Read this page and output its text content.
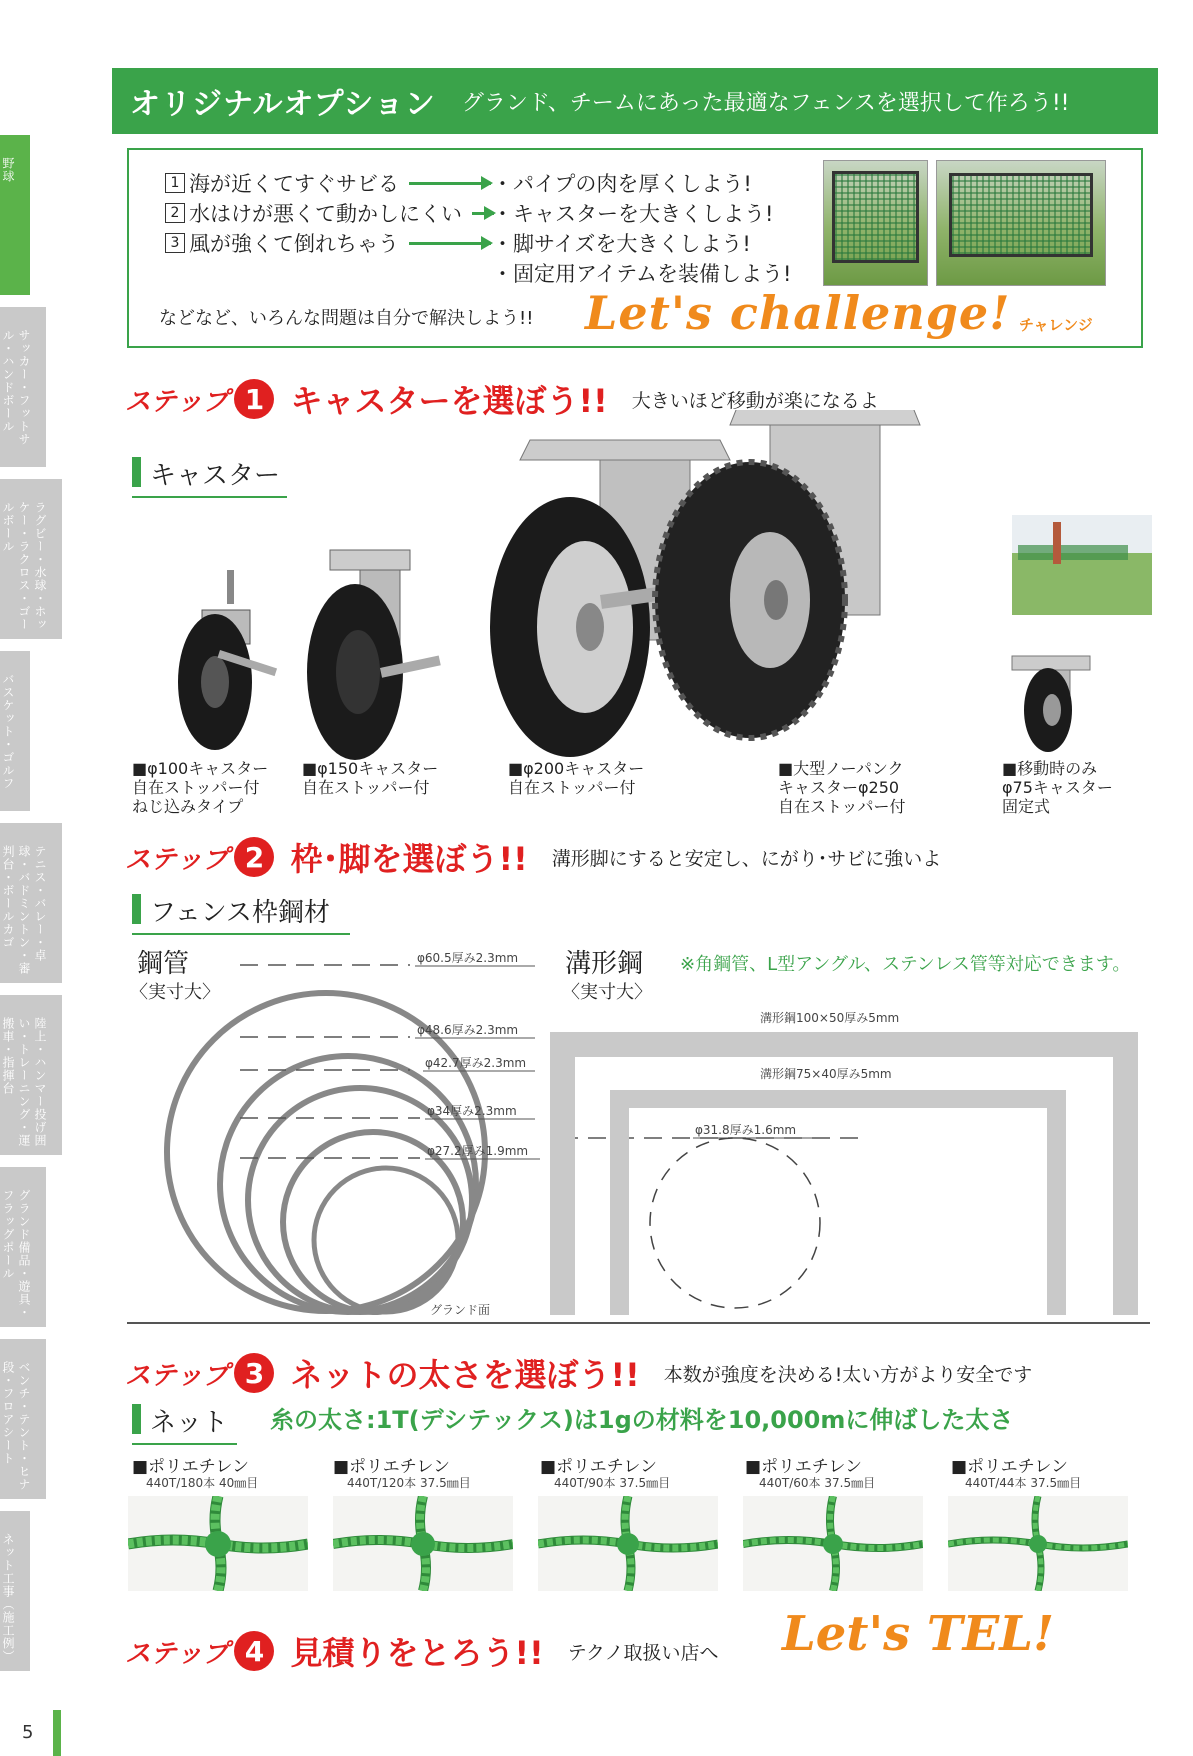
野球
サッカー・フットサル・ハンドボール
ラグビー・水球・ホッケー・ラクロス・ゴールボール
バスケット・ゴルフ
テニス・バレー・卓球・バドミントン・審判台・ボールカゴ
陸上・ハンマー投げ囲い・トレーニング・運搬車・指揮台
グランド備品・遊具・フラッグポール
ベンチ・テント・ヒナ段・フロアシート
ネット工事（施工例）
5
オリジナルオプション グランド、チームにあった最適なフェンスを選択して作ろう!!
1 海が近くてすぐサビる	・パイプの肉を厚くしよう!
2 水はけが悪くて動かしにくい ・キャスターを大きくしよう!
3 風が強くて倒れちゃう	・脚サイズを大きくしよう!
・固定用アイテムを装備しよう!
などなど、いろんな問題は自分で解決しよう!! Let's challenge! チャレンジ
ステップ 1 キャスターを選ぼう!! 大きいほど移動が楽になるよ
キャスター
■φ100キャスター
自在ストッパー付
ねじ込みタイプ
■φ150キャスター
自在ストッパー付
■φ200キャスター
自在ストッパー付
■大型ノーパンク
キャスターφ250
自在ストッパー付
■移動時のみ
φ75キャスター
固定式
ステップ 2 枠･脚を選ぼう!! 溝形脚にすると安定し、にがり･サビに強いよ
フェンス枠鋼材
鋼管
〈実寸大〉
溝形鋼
〈実寸大〉
※角鋼管、L型アングル、ステンレス管等対応できます。
φ60.5厚み2.3mm
φ48.6厚み2.3mm
φ42.7厚み2.3mm
φ34厚み2.3mm
φ27.2厚み1.9mm
グランド面
溝形鋼100×50厚み5mm
溝形鋼75×40厚み5mm
φ31.8厚み1.6mm
ステップ 3 ネットの太さを選ぼう!! 本数が強度を決める!太い方がより安全です
ネット	糸の太さ:1T(デシテックス)は1gの材料を10,000mに伸ばした太さ
■ポリエチレン
440T/180本 40㎜目
■ポリエチレン
440T/120本 37.5㎜目
■ポリエチレン
440T/90本 37.5㎜目
■ポリエチレン
440T/60本 37.5㎜目
■ポリエチレン
440T/44本 37.5㎜目
ステップ 4 見積りをとろう!! テクノ取扱い店へ Let's TEL!
